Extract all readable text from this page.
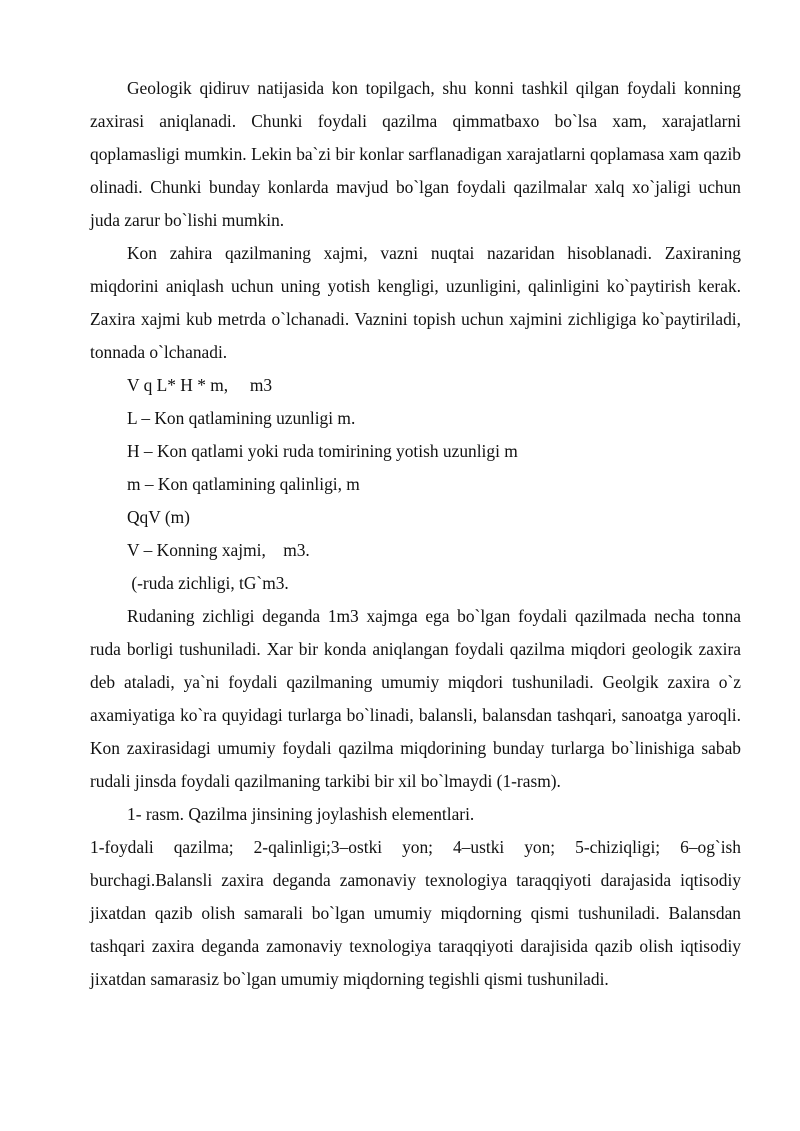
Geologik qidiruv natijasida kon topilgach, shu konni tashkil qilgan foydali konning zaxirasi aniqlanadi. Chunki foydali qazilma qimmatbaxo bo`lsa xam, xarajatlarni qoplamasligi mumkin. Lekin ba`zi bir konlar sarflanadigan xarajatlarni qoplamasa xam qazib olinadi. Chunki bunday konlarda mavjud bo`lgan foydali qazilmalar xalq xo`jaligi uchun juda zarur bo`lishi mumkin.

Kon zahira qazilmaning xajmi, vazni nuqtai nazaridan hisoblanadi. Zaxiraning miqdorini aniqlash uchun uning yotish kengligi, uzunligini, qalinligini ko`paytirish kerak. Zaxira xajmi kub metrda o`lchanadi. Vaznini topish uchun xajmini zichligiga ko`paytiriladi, tonnada o`lchanadi.

V q L* H * m,     m3

L – Kon qatlamining uzunligi m.

H – Kon qatlami yoki ruda tomirining yotish uzunligi m

m – Kon qatlamining qalinligi, m

QqV (m)

V – Konning xajmi,    m3.

(-ruda zichligi, tG`m3.

Rudaning zichligi deganda 1m3 xajmga ega bo`lgan foydali qazilmada necha tonna ruda borligi tushuniladi. Xar bir konda aniqlangan foydali qazilma miqdori geologik zaxira deb ataladi, ya`ni foydali qazilmaning umumiy miqdori tushuniladi. Geolgik zaxira o`z axamiyatiga ko`ra quyidagi turlarga bo`linadi, balansli, balansdan tashqari, sanoatga yaroqli. Kon zaxirasidagi umumiy foydali qazilma miqdorining bunday turlarga bo`linishiga sabab rudali jinsda foydali qazilmaning tarkibi bir xil bo`lmaydi (1-rasm).

1- rasm. Qazilma jinsining joylashish elementlari.

1-foydali qazilma; 2-qalinligi;3–ostki yon; 4–ustki yon; 5-chiziqligi; 6–og`ish burchagi.Balansli zaxira deganda zamonaviy texnologiya taraqqiyoti darajasida iqtisodiy jixatdan qazib olish samarali bo`lgan umumiy miqdorning qismi tushuniladi. Balansdan tashqari zaxira deganda zamonaviy texnologiya taraqqiyoti darajisida qazib olish iqtisodiy jixatdan samarasiz bo`lgan umumiy miqdorning tegishli qismi tushuniladi.
